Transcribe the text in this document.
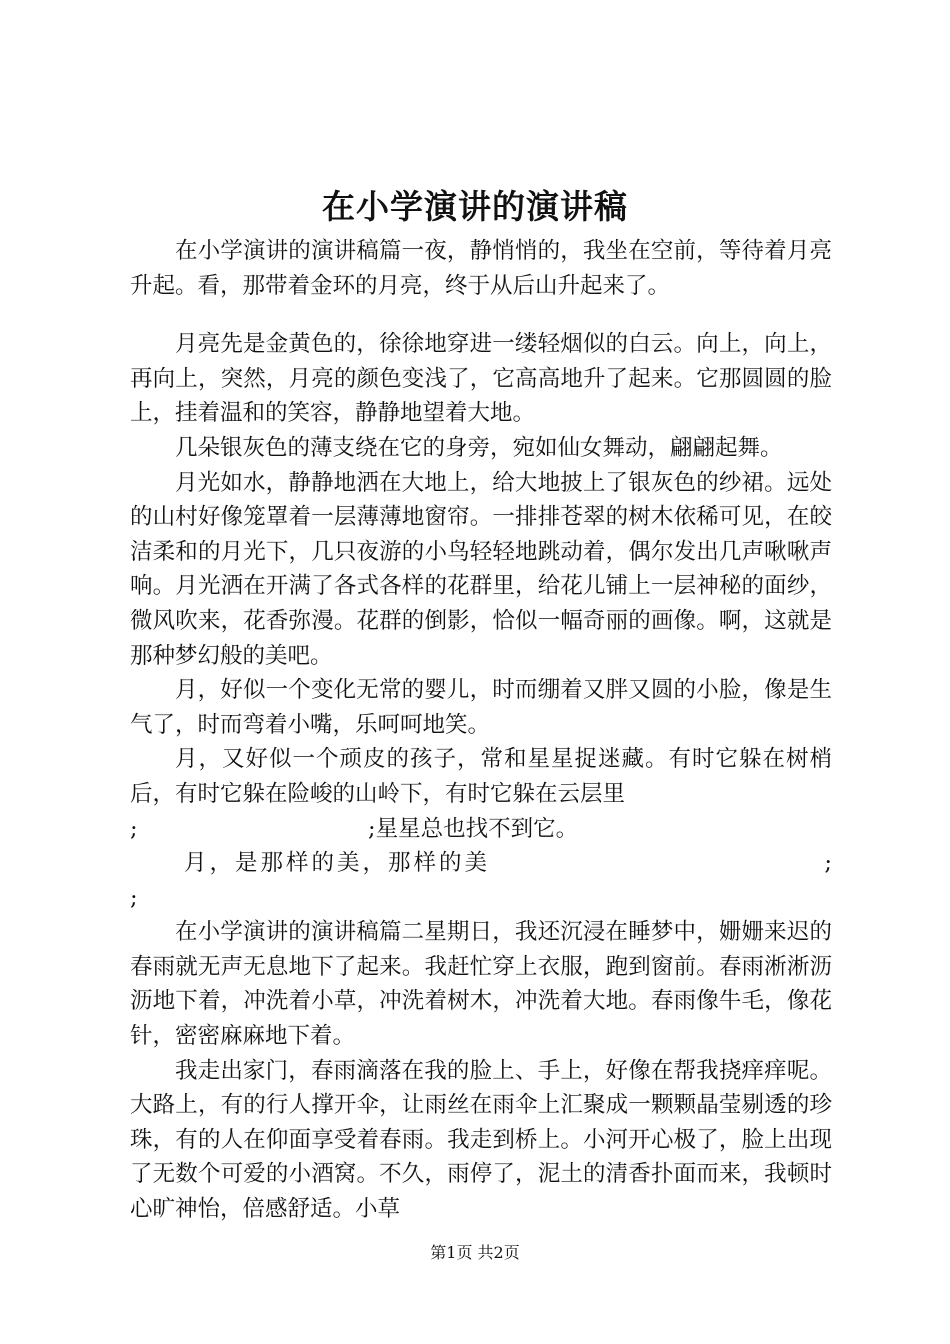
在小学演讲的演讲稿

在小学演讲的演讲稿篇一夜，静悄悄的，我坐在空前，等待着月亮升起。看，那带着金环的月亮，终于从后山升起来了。

月亮先是金黄色的，徐徐地穿进一缕轻烟似的白云。向上，向上，再向上，突然，月亮的颜色变浅了，它高高地升了起来。它那圆圆的脸上，挂着温和的笑容，静静地望着大地。

几朵银灰色的薄支绕在它的身旁，宛如仙女舞动，翩翩起舞。

月光如水，静静地洒在大地上，给大地披上了银灰色的纱裙。远处的山村好像笼罩着一层薄薄地窗帘。一排排苍翠的树木依稀可见，在皎洁柔和的月光下，几只夜游的小鸟轻轻地跳动着，偶尔发出几声啾啾声响。月光洒在开满了各式各样的花群里，给花儿铺上一层神秘的面纱，微风吹来，花香弥漫。花群的倒影，恰似一幅奇丽的画像。啊，这就是那种梦幻般的美吧。

月，好似一个变化无常的婴儿，时而绷着又胖又圆的小脸，像是生气了，时而弯着小嘴，乐呵呵地笑。

月，又好似一个顽皮的孩子，常和星星捉迷藏。有时它躲在树梢后，有时它躲在险峻的山岭下，有时它躲在云层里

;	;星星总也找不到它。
月，是那样的美，那样的美	;
;

在小学演讲的演讲稿篇二星期日，我还沉浸在睡梦中，姗姗来迟的春雨就无声无息地下了起来。我赶忙穿上衣服，跑到窗前。春雨淅淅沥沥地下着，冲洗着小草，冲洗着树木，冲洗着大地。春雨像牛毛，像花针，密密麻麻地下着。

我走出家门，春雨滴落在我的脸上、手上，好像在帮我挠痒痒呢。大路上，有的行人撑开伞，让雨丝在雨伞上汇聚成一颗颗晶莹剔透的珍珠，有的人在仰面享受着春雨。我走到桥上。小河开心极了，脸上出现了无数个可爱的小酒窝。不久，雨停了，泥土的清香扑面而来，我顿时心旷神怡，倍感舒适。小草

第1页 共2页
